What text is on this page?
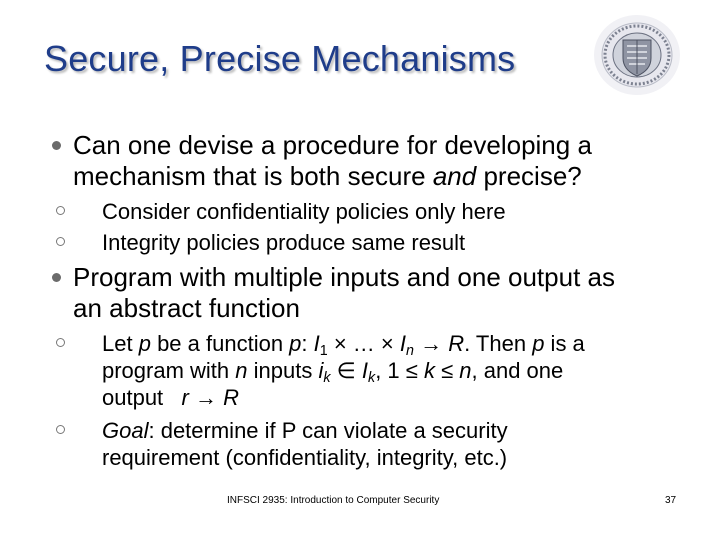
Secure, Precise Mechanisms
Can one devise a procedure for developing a
mechanism that is both secure and precise?
Consider confidentiality policies only here
Integrity policies produce same result
Program with multiple inputs and one output as
an abstract function
Let p be a function p: $I_1$ × … × $I_n \to R$. Then p is a
program with n inputs $i_k$ ∈ $I_k$, 1 ≤ k ≤ n, and one
output   r → R
Goal: determine if P can violate a security
requirement (confidentiality, integrity, etc.)
INFSCI 2935: Introduction to Computer Security	37
